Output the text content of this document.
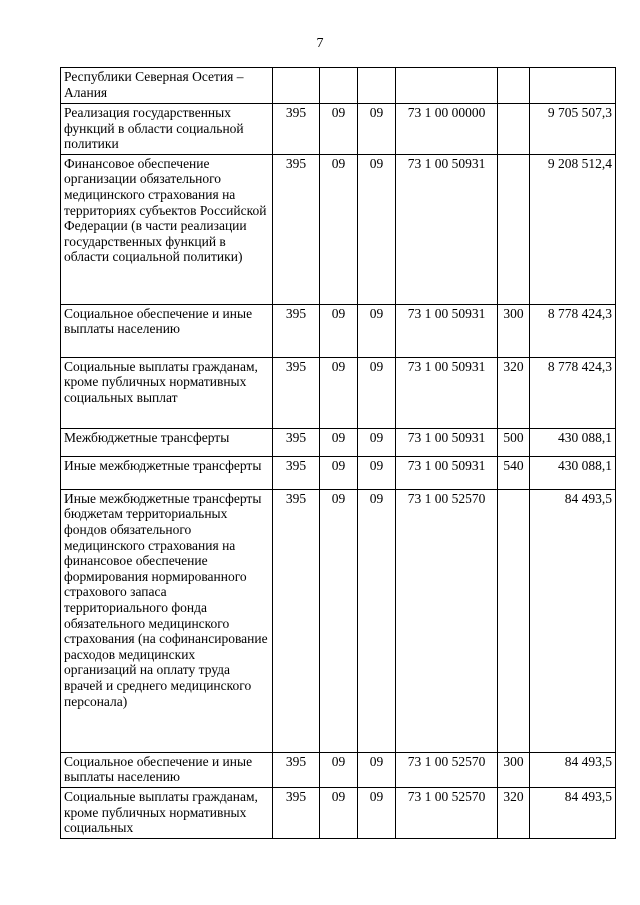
7
Республики Северная Осетия – Алания						
Реализация государственных функций в области социальной политики	395	09	09	73 1 00 00000		9 705 507,3
Финансовое обеспечение организации обязательного медицинского страхования на территориях субъектов Российской Федерации (в части реализации государственных функций в области социальной политики)	395	09	09	73 1 00 50931		9 208 512,4
Социальное обеспечение и иные выплаты населению	395	09	09	73 1 00 50931	300	8 778 424,3
Социальные выплаты гражданам, кроме публичных нормативных социальных выплат	395	09	09	73 1 00 50931	320	8 778 424,3
Межбюджетные трансферты	395	09	09	73 1 00 50931	500	430 088,1
Иные межбюджетные трансферты	395	09	09	73 1 00 50931	540	430 088,1
Иные межбюджетные трансферты бюджетам территориальных фондов обязательного медицинского страхования на финансовое обеспечение формирования нормированного страхового запаса территориального фонда обязательного медицинского страхования (на софинансирование расходов медицинских организаций на оплату труда врачей и среднего медицинского персонала)	395	09	09	73 1 00 52570		84 493,5
Социальное обеспечение и иные выплаты населению	395	09	09	73 1 00 52570	300	84 493,5
Социальные выплаты гражданам, кроме публичных нормативных социальных	395	09	09	73 1 00 52570	320	84 493,5
